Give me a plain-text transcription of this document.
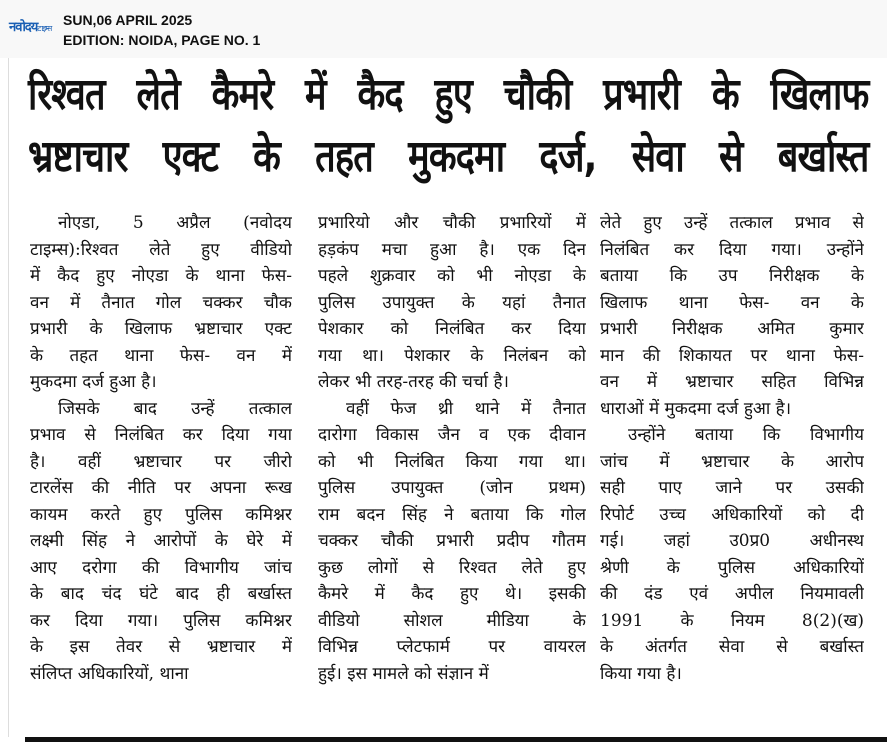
नवोदयटाइम्स
SUN,06 APRIL 2025
EDITION: NOIDA, PAGE NO. 1
रिश्वत लेते कैमरे में कैद हुए चौकी प्रभारी के खिलाफ
भ्रष्टाचार एक्ट के तहत मुकदमा दर्ज, सेवा से बर्खास्त
नोएडा, 5 अप्रैल (नवोदय
टाइम्स):रिश्वत लेते हुए वीडियो
में कैद हुए नोएडा के थाना फेस-
वन में तैनात गोल चक्कर चौक
प्रभारी के खिलाफ भ्रष्टाचार एक्ट
के तहत थाना फेस- वन में
मुकदमा दर्ज हुआ है।
जिसके बाद उन्हें तत्काल
प्रभाव से निलंबित कर दिया गया
है। वहीं भ्रष्टाचार पर जीरो
टारलेंस की नीति पर अपना रूख
कायम करते हुए पुलिस कमिश्नर
लक्ष्मी सिंह ने आरोपों के घेरे में
आए दरोगा की विभागीय जांच
के बाद चंद घंटे बाद ही बर्खास्त
कर दिया गया। पुलिस कमिश्नर
के इस तेवर से भ्रष्टाचार में
संलिप्त अधिकारियों, थाना
प्रभारियो और चौकी प्रभारियों में
हड़कंप मचा हुआ है। एक दिन
पहले शुक्रवार को भी नोएडा के
पुलिस उपायुक्त के यहां तैनात
पेशकार को निलंबित कर दिया
गया था। पेशकार के निलंबन को
लेकर भी तरह-तरह की चर्चा है।
वहीं फेज थ्री थाने में तैनात
दारोगा विकास जैन व एक दीवान
को भी निलंबित किया गया था।
पुलिस उपायुक्त (जोन प्रथम)
राम बदन सिंह ने बताया कि गोल
चक्कर चौकी प्रभारी प्रदीप गौतम
कुछ लोगों से रिश्वत लेते हुए
कैमरे में कैद हुए थे। इसकी
वीडियो सोशल मीडिया के
विभिन्न प्लेटफार्म पर वायरल
हुई। इस मामले को संज्ञान में
लेते हुए उन्हें तत्काल प्रभाव से
निलंबित कर दिया गया। उन्होंने
बताया कि उप निरीक्षक के
खिलाफ थाना फेस- वन के
प्रभारी निरीक्षक अमित कुमार
मान की शिकायत पर थाना फेस-
वन में भ्रष्टाचार सहित विभिन्न
धाराओं में मुकदमा दर्ज हुआ है।
उन्होंने बताया कि विभागीय
जांच में भ्रष्टाचार के आरोप
सही पाए जाने पर उसकी
रिपोर्ट उच्च अधिकारियों को दी
गई। जहां उ0प्र0 अधीनस्थ
श्रेणी के पुलिस अधिकारियों
की दंड एवं अपील नियमावली
1991 के नियम 8(2)(ख)
के अंतर्गत सेवा से बर्खास्त
किया गया है।
